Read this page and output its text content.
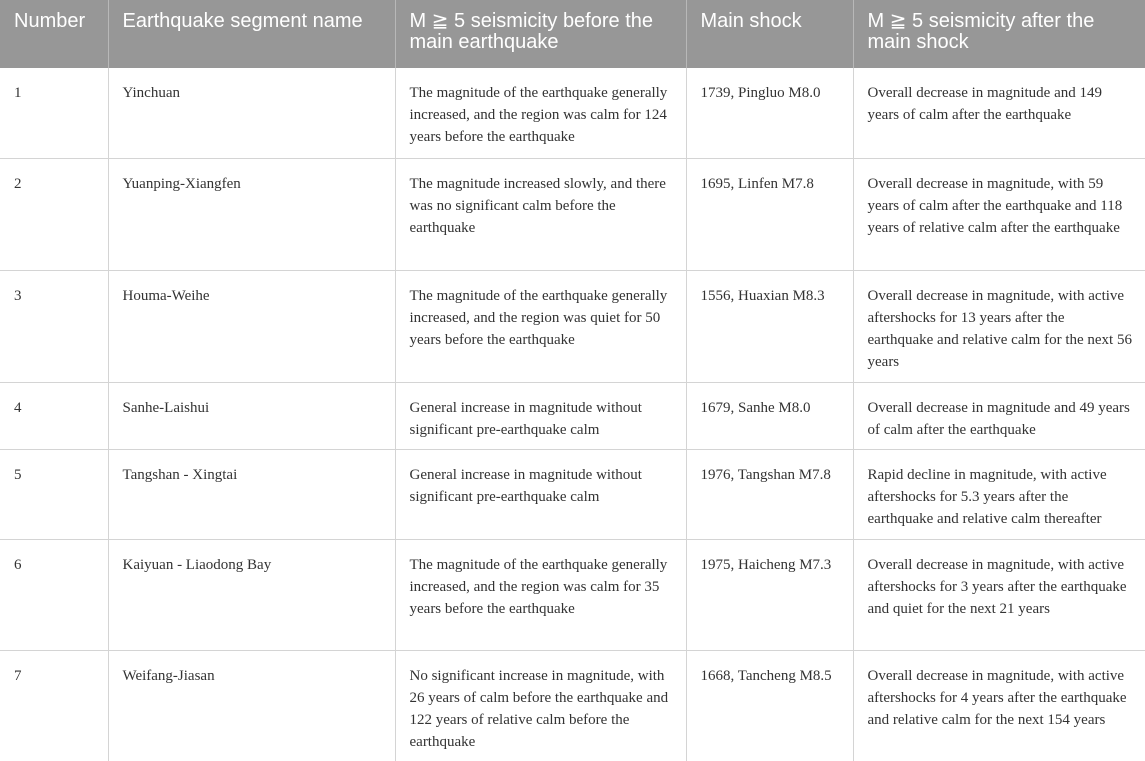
Number	Earthquake segment name	M ≧ 5 seismicity before the main earthquake	Main shock	M ≧ 5 seismicity after the main shock
1	Yinchuan	The magnitude of the earthquake generally increased, and the region was calm for 124 years before the earthquake	1739, Pingluo M8.0	Overall decrease in magnitude and 149 years of calm after the earthquake
2	Yuanping-Xiangfen	The magnitude increased slowly, and there was no significant calm before the earthquake	1695, Linfen M7.8	Overall decrease in magnitude, with 59 years of calm after the earthquake and 118 years of relative calm after the earthquake
3	Houma-Weihe	The magnitude of the earthquake generally increased, and the region was quiet for 50 years before the earthquake	1556, Huaxian M8.3	Overall decrease in magnitude, with active aftershocks for 13 years after the earthquake and relative calm for the next 56 years
4	Sanhe-Laishui	General increase in magnitude without significant pre-earthquake calm	1679, Sanhe M8.0	Overall decrease in magnitude and 49 years of calm after the earthquake
5	Tangshan - Xingtai	General increase in magnitude without significant pre-earthquake calm	1976, Tangshan M7.8	Rapid decline in magnitude, with active aftershocks for 5.3 years after the earthquake and relative calm thereafter
6	Kaiyuan - Liaodong Bay	The magnitude of the earthquake generally increased, and the region was calm for 35 years before the earthquake	1975, Haicheng M7.3	Overall decrease in magnitude, with active aftershocks for 3 years after the earthquake and quiet for the next 21 years
7	Weifang-Jiasan	No significant increase in magnitude, with 26 years of calm before the earthquake and 122 years of relative calm before the earthquake	1668, Tancheng M8.5	Overall decrease in magnitude, with active aftershocks for 4 years after the earthquake and relative calm for the next 154 years
